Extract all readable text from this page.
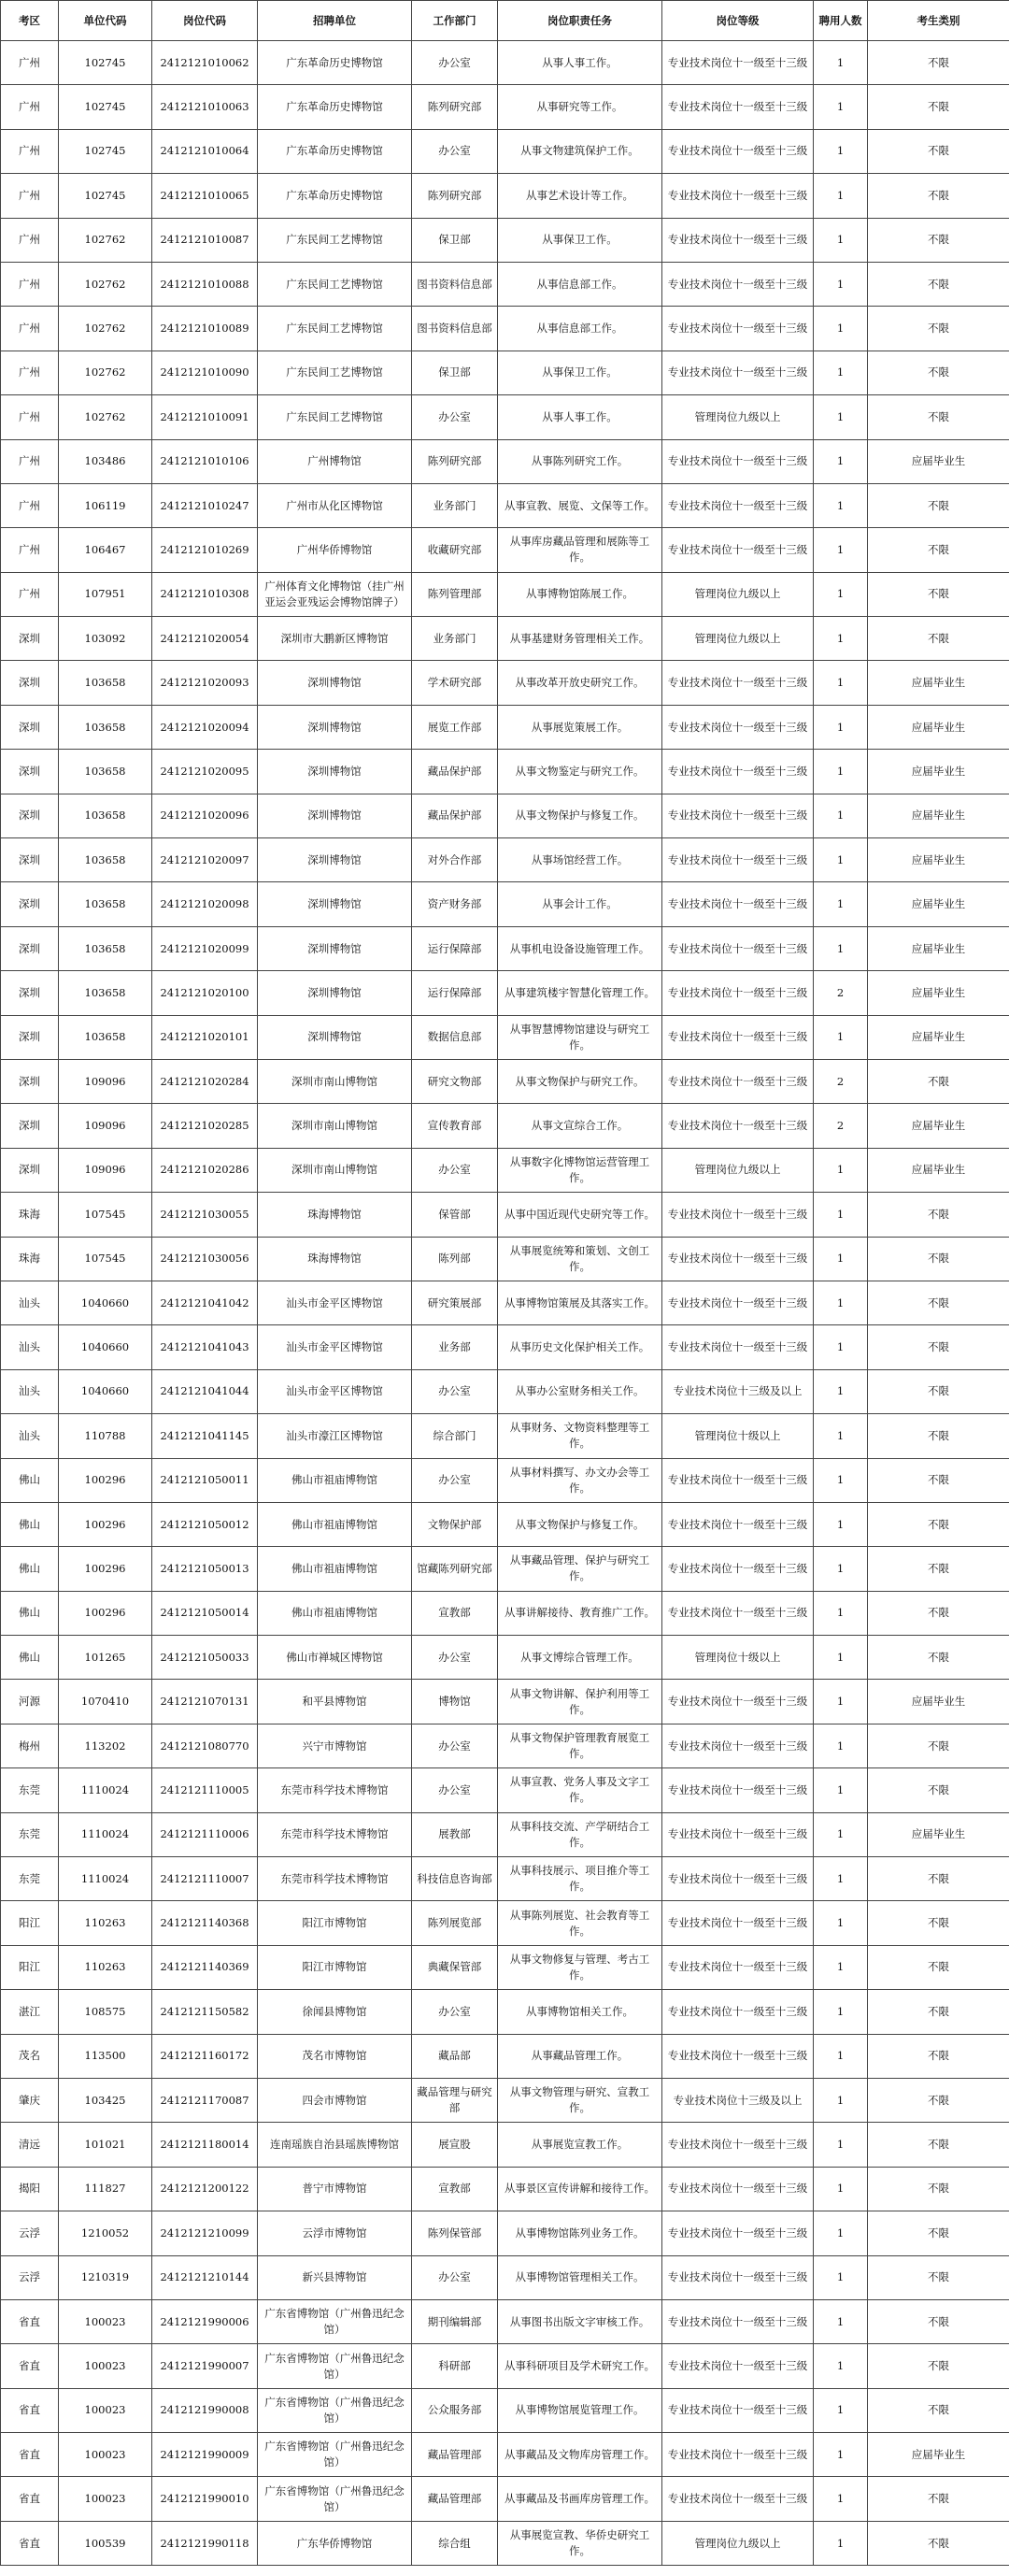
考区	单位代码	岗位代码	招聘单位	工作部门	岗位职责任务	岗位等级	聘用人数	考生类别
广州	102745	2412121010062	广东革命历史博物馆	办公室	从事人事工作。	专业技术岗位十一级至十三级	1	不限
广州	102745	2412121010063	广东革命历史博物馆	陈列研究部	从事研究等工作。	专业技术岗位十一级至十三级	1	不限
广州	102745	2412121010064	广东革命历史博物馆	办公室	从事文物建筑保护工作。	专业技术岗位十一级至十三级	1	不限
广州	102745	2412121010065	广东革命历史博物馆	陈列研究部	从事艺术设计等工作。	专业技术岗位十一级至十三级	1	不限
广州	102762	2412121010087	广东民间工艺博物馆	保卫部	从事保卫工作。	专业技术岗位十一级至十三级	1	不限
广州	102762	2412121010088	广东民间工艺博物馆	图书资料信息部	从事信息部工作。	专业技术岗位十一级至十三级	1	不限
广州	102762	2412121010089	广东民间工艺博物馆	图书资料信息部	从事信息部工作。	专业技术岗位十一级至十三级	1	不限
广州	102762	2412121010090	广东民间工艺博物馆	保卫部	从事保卫工作。	专业技术岗位十一级至十三级	1	不限
广州	102762	2412121010091	广东民间工艺博物馆	办公室	从事人事工作。	管理岗位九级以上	1	不限
广州	103486	2412121010106	广州博物馆	陈列研究部	从事陈列研究工作。	专业技术岗位十一级至十三级	1	应届毕业生
广州	106119	2412121010247	广州市从化区博物馆	业务部门	从事宣教、展览、文保等工作。	专业技术岗位十一级至十三级	1	不限
广州	106467	2412121010269	广州华侨博物馆	收藏研究部	从事库房藏品管理和展陈等工作。	专业技术岗位十一级至十三级	1	不限
广州	107951	2412121010308	广州体育文化博物馆（挂广州亚运会亚残运会博物馆牌子）	陈列管理部	从事博物馆陈展工作。	管理岗位九级以上	1	不限
深圳	103092	2412121020054	深圳市大鹏新区博物馆	业务部门	从事基建财务管理相关工作。	管理岗位九级以上	1	不限
深圳	103658	2412121020093	深圳博物馆	学术研究部	从事改革开放史研究工作。	专业技术岗位十一级至十三级	1	应届毕业生
深圳	103658	2412121020094	深圳博物馆	展览工作部	从事展览策展工作。	专业技术岗位十一级至十三级	1	应届毕业生
深圳	103658	2412121020095	深圳博物馆	藏品保护部	从事文物鉴定与研究工作。	专业技术岗位十一级至十三级	1	应届毕业生
深圳	103658	2412121020096	深圳博物馆	藏品保护部	从事文物保护与修复工作。	专业技术岗位十一级至十三级	1	应届毕业生
深圳	103658	2412121020097	深圳博物馆	对外合作部	从事场馆经营工作。	专业技术岗位十一级至十三级	1	应届毕业生
深圳	103658	2412121020098	深圳博物馆	资产财务部	从事会计工作。	专业技术岗位十一级至十三级	1	应届毕业生
深圳	103658	2412121020099	深圳博物馆	运行保障部	从事机电设备设施管理工作。	专业技术岗位十一级至十三级	1	应届毕业生
深圳	103658	2412121020100	深圳博物馆	运行保障部	从事建筑楼宇智慧化管理工作。	专业技术岗位十一级至十三级	2	应届毕业生
深圳	103658	2412121020101	深圳博物馆	数据信息部	从事智慧博物馆建设与研究工作。	专业技术岗位十一级至十三级	1	应届毕业生
深圳	109096	2412121020284	深圳市南山博物馆	研究文物部	从事文物保护与研究工作。	专业技术岗位十一级至十三级	2	不限
深圳	109096	2412121020285	深圳市南山博物馆	宣传教育部	从事文宣综合工作。	专业技术岗位十一级至十三级	2	应届毕业生
深圳	109096	2412121020286	深圳市南山博物馆	办公室	从事数字化博物馆运营管理工作。	管理岗位九级以上	1	应届毕业生
珠海	107545	2412121030055	珠海博物馆	保管部	从事中国近现代史研究等工作。	专业技术岗位十一级至十三级	1	不限
珠海	107545	2412121030056	珠海博物馆	陈列部	从事展览统筹和策划、文创工作。	专业技术岗位十一级至十三级	1	不限
汕头	1040660	2412121041042	汕头市金平区博物馆	研究策展部	从事博物馆策展及其落实工作。	专业技术岗位十一级至十三级	1	不限
汕头	1040660	2412121041043	汕头市金平区博物馆	业务部	从事历史文化保护相关工作。	专业技术岗位十一级至十三级	1	不限
汕头	1040660	2412121041044	汕头市金平区博物馆	办公室	从事办公室财务相关工作。	专业技术岗位十三级及以上	1	不限
汕头	110788	2412121041145	汕头市濠江区博物馆	综合部门	从事财务、文物资料整理等工作。	管理岗位十级以上	1	不限
佛山	100296	2412121050011	佛山市祖庙博物馆	办公室	从事材料撰写、办文办会等工作。	专业技术岗位十一级至十三级	1	不限
佛山	100296	2412121050012	佛山市祖庙博物馆	文物保护部	从事文物保护与修复工作。	专业技术岗位十一级至十三级	1	不限
佛山	100296	2412121050013	佛山市祖庙博物馆	馆藏陈列研究部	从事藏品管理、保护与研究工作。	专业技术岗位十一级至十三级	1	不限
佛山	100296	2412121050014	佛山市祖庙博物馆	宣教部	从事讲解接待、教育推广工作。	专业技术岗位十一级至十三级	1	不限
佛山	101265	2412121050033	佛山市禅城区博物馆	办公室	从事文博综合管理工作。	管理岗位十级以上	1	不限
河源	1070410	2412121070131	和平县博物馆	博物馆	从事文物讲解、保护利用等工作。	专业技术岗位十一级至十三级	1	应届毕业生
梅州	113202	2412121080770	兴宁市博物馆	办公室	从事文物保护管理教育展览工作。	专业技术岗位十一级至十三级	1	不限
东莞	1110024	2412121110005	东莞市科学技术博物馆	办公室	从事宣教、党务人事及文字工作。	专业技术岗位十一级至十三级	1	不限
东莞	1110024	2412121110006	东莞市科学技术博物馆	展教部	从事科技交流、产学研结合工作。	专业技术岗位十一级至十三级	1	应届毕业生
东莞	1110024	2412121110007	东莞市科学技术博物馆	科技信息咨询部	从事科技展示、项目推介等工作。	专业技术岗位十一级至十三级	1	不限
阳江	110263	2412121140368	阳江市博物馆	陈列展览部	从事陈列展览、社会教育等工作。	专业技术岗位十一级至十三级	1	不限
阳江	110263	2412121140369	阳江市博物馆	典藏保管部	从事文物修复与管理、考古工作。	专业技术岗位十一级至十三级	1	不限
湛江	108575	2412121150582	徐闻县博物馆	办公室	从事博物馆相关工作。	专业技术岗位十一级至十三级	1	不限
茂名	113500	2412121160172	茂名市博物馆	藏品部	从事藏品管理工作。	专业技术岗位十一级至十三级	1	不限
肇庆	103425	2412121170087	四会市博物馆	藏品管理与研究部	从事文物管理与研究、宣教工作。	专业技术岗位十三级及以上	1	不限
清远	101021	2412121180014	连南瑶族自治县瑶族博物馆	展宣股	从事展览宣教工作。	专业技术岗位十一级至十三级	1	不限
揭阳	111827	2412121200122	普宁市博物馆	宣教部	从事景区宣传讲解和接待工作。	专业技术岗位十一级至十三级	1	不限
云浮	1210052	2412121210099	云浮市博物馆	陈列保管部	从事博物馆陈列业务工作。	专业技术岗位十一级至十三级	1	不限
云浮	1210319	2412121210144	新兴县博物馆	办公室	从事博物馆管理相关工作。	专业技术岗位十一级至十三级	1	不限
省直	100023	2412121990006	广东省博物馆（广州鲁迅纪念馆）	期刊编辑部	从事图书出版文字审核工作。	专业技术岗位十一级至十三级	1	不限
省直	100023	2412121990007	广东省博物馆（广州鲁迅纪念馆）	科研部	从事科研项目及学术研究工作。	专业技术岗位十一级至十三级	1	不限
省直	100023	2412121990008	广东省博物馆（广州鲁迅纪念馆）	公众服务部	从事博物馆展览管理工作。	专业技术岗位十一级至十三级	1	不限
省直	100023	2412121990009	广东省博物馆（广州鲁迅纪念馆）	藏品管理部	从事藏品及文物库房管理工作。	专业技术岗位十一级至十三级	1	应届毕业生
省直	100023	2412121990010	广东省博物馆（广州鲁迅纪念馆）	藏品管理部	从事藏品及书画库房管理工作。	专业技术岗位十一级至十三级	1	不限
省直	100539	2412121990118	广东华侨博物馆	综合组	从事展览宣教、华侨史研究工作。	管理岗位九级以上	1	不限
